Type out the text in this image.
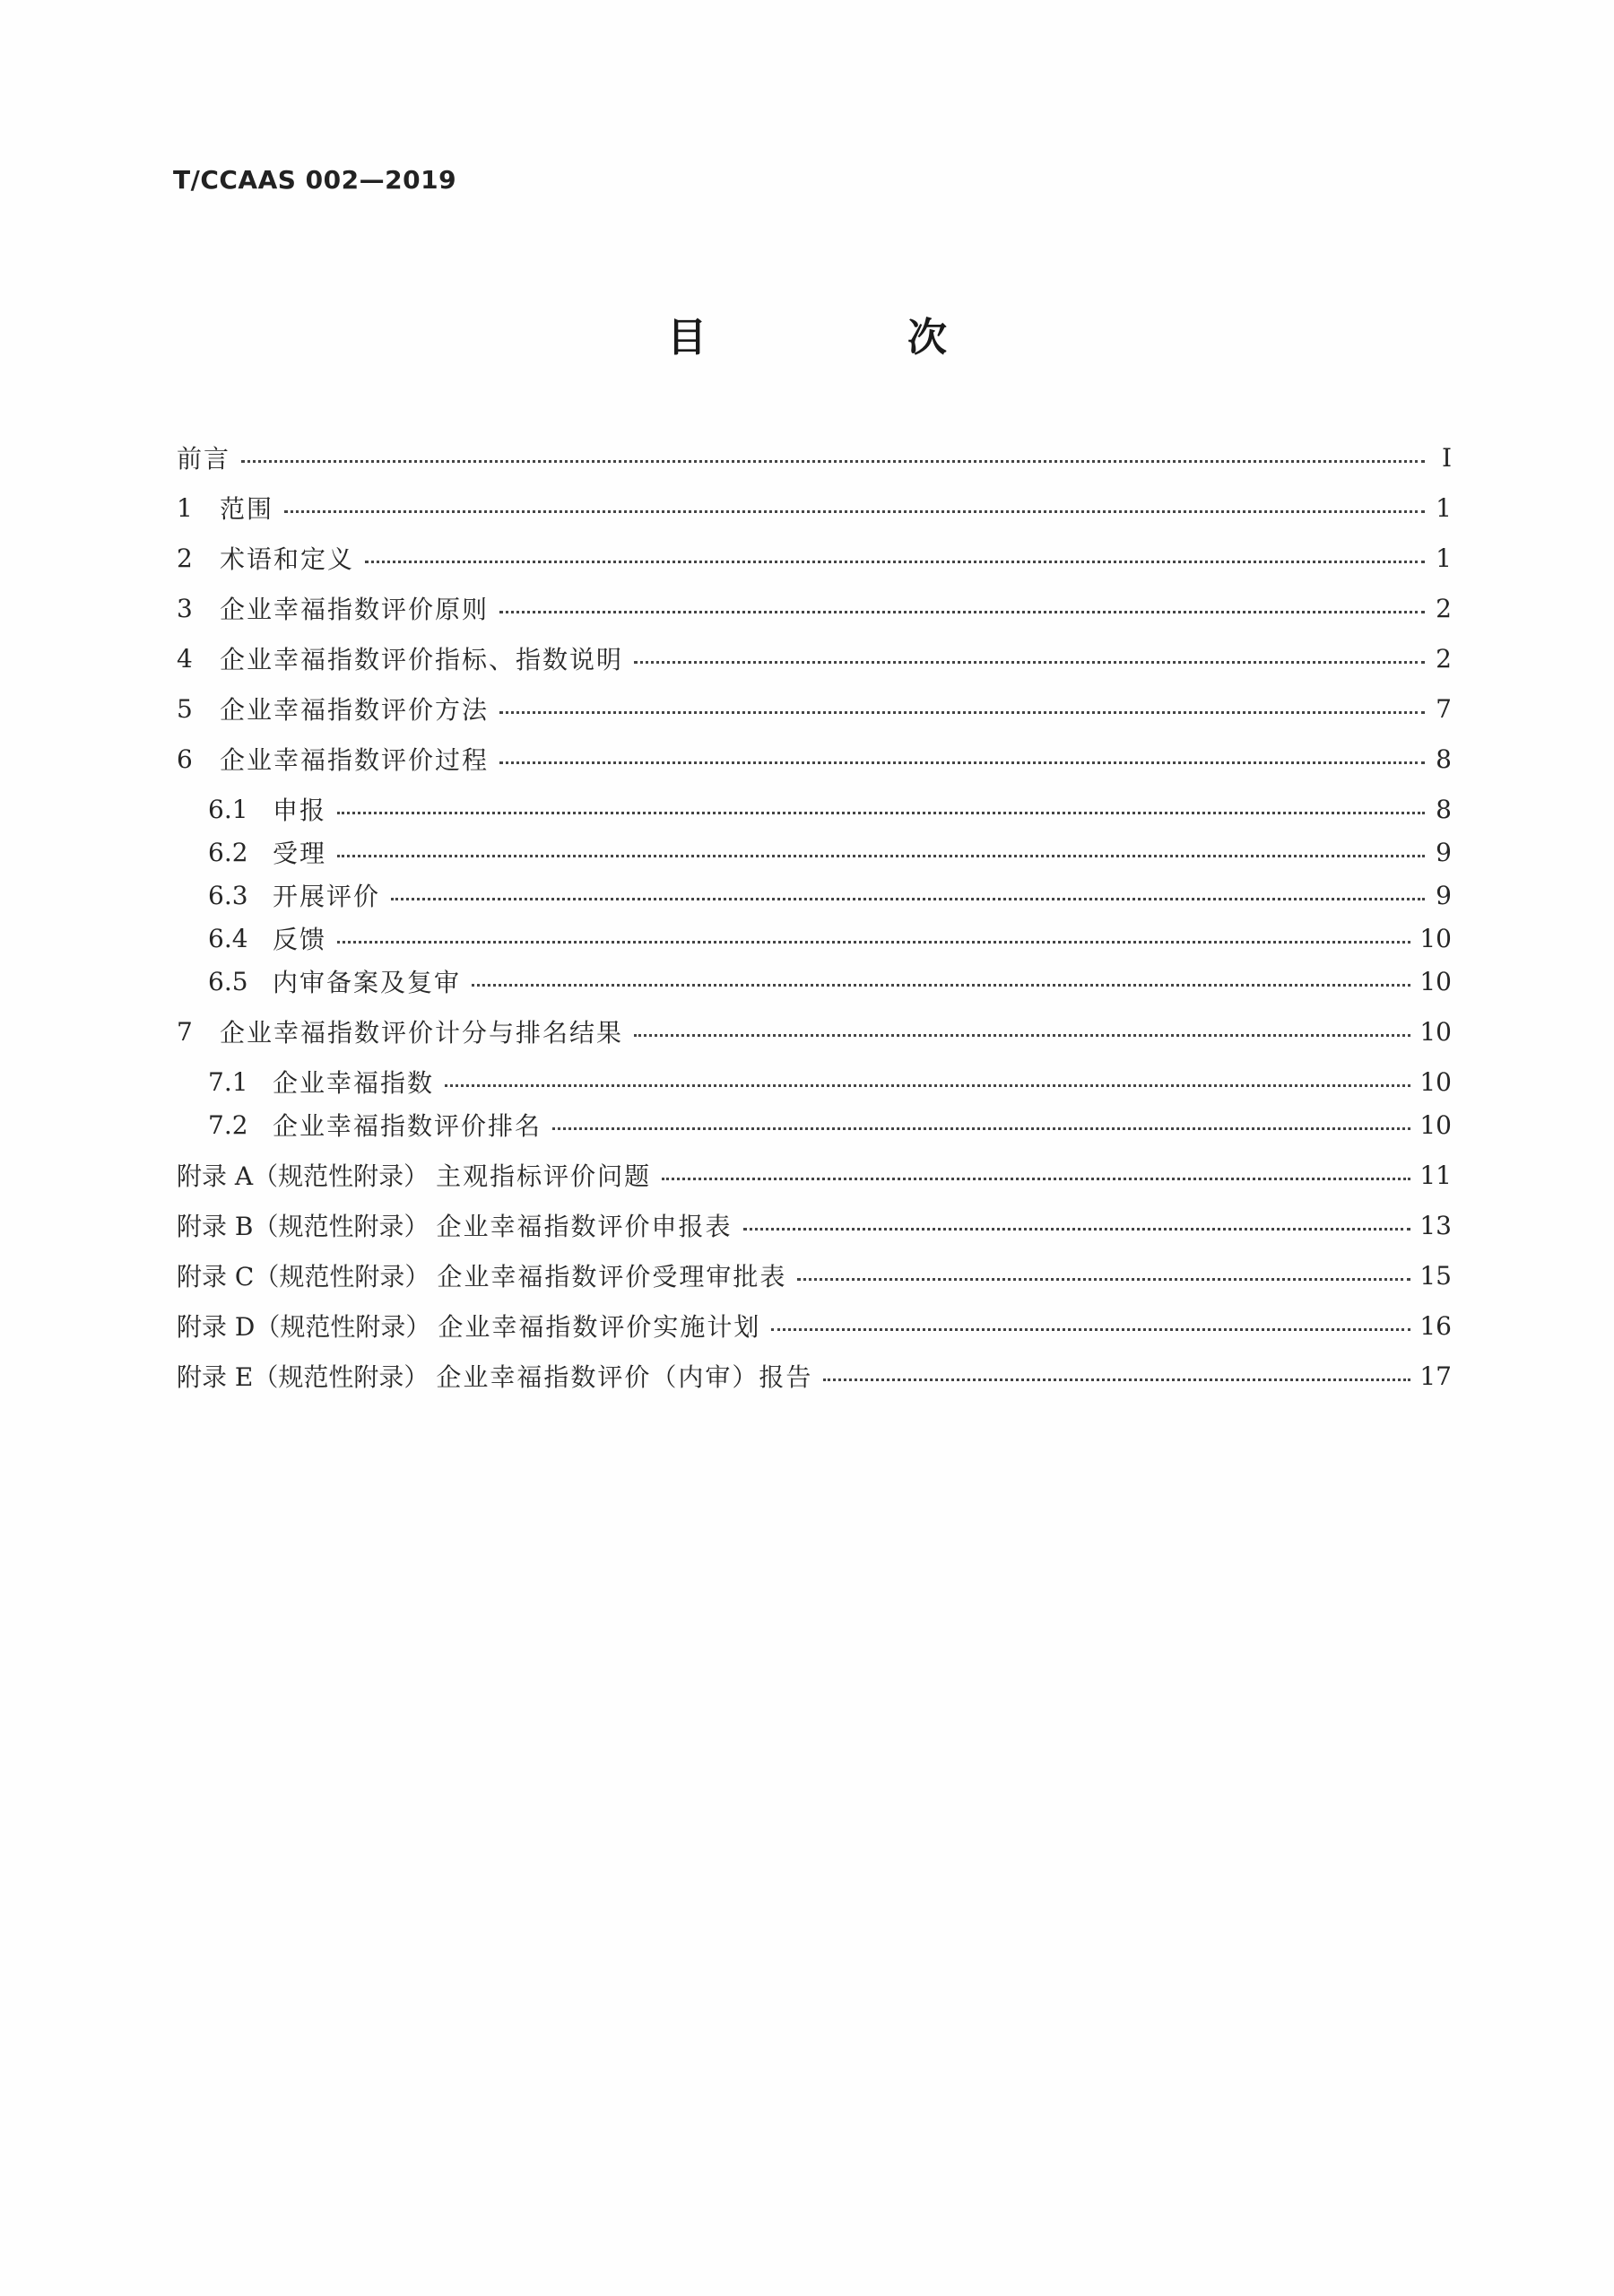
T/CCAAS 002—2019
目　次
前言	I
1	范围	1
2	术语和定义	1
3	企业幸福指数评价原则	2
4	企业幸福指数评价指标、指数说明	2
5	企业幸福指数评价方法	7
6	企业幸福指数评价过程	8
6.1 申报	8
6.2 受理	9
6.3 开展评价	9
6.4 反馈	10
6.5 内审备案及复审	10
7	企业幸福指数评价计分与排名结果	10
7.1 企业幸福指数	10
7.2 企业幸福指数评价排名	10
附录 A（规范性附录） 主观指标评价问题	11
附录 B（规范性附录） 企业幸福指数评价申报表	13
附录 C（规范性附录） 企业幸福指数评价受理审批表	15
附录 D（规范性附录） 企业幸福指数评价实施计划	16
附录 E（规范性附录） 企业幸福指数评价（内审）报告	17
